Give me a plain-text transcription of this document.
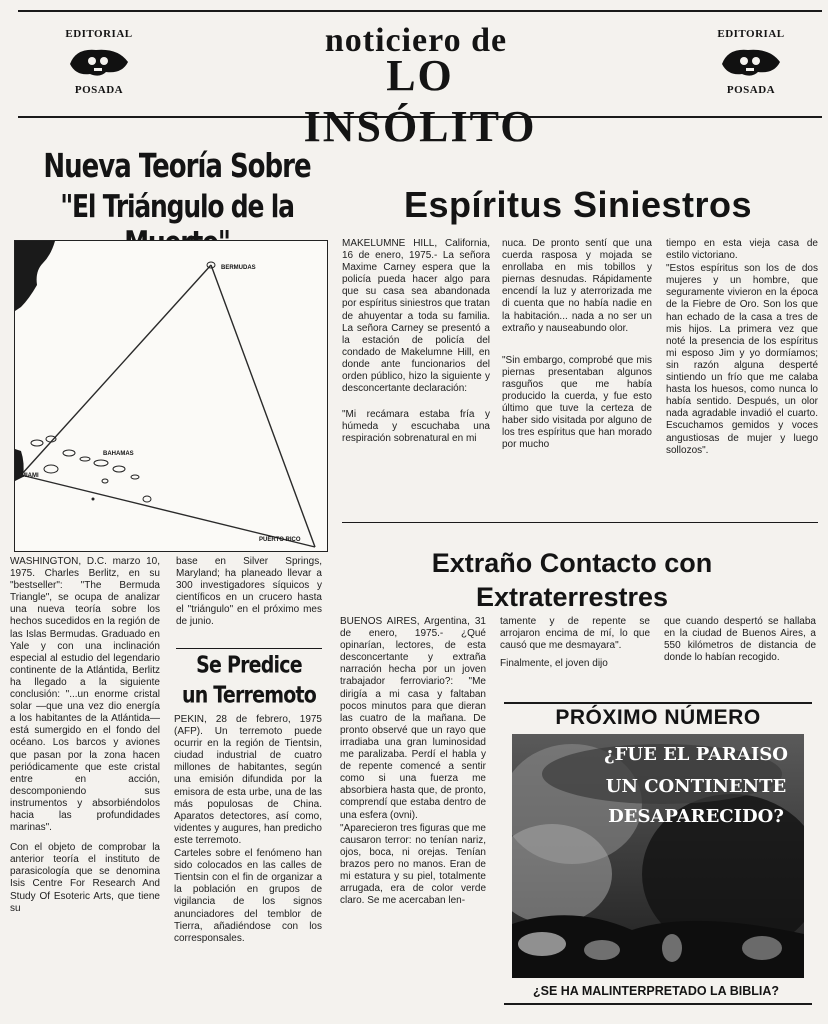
EDITORIAL
POSADA
EDITORIAL
POSADA
noticiero de
LO INSÓLITO
Nueva Teoría Sobre
"El Triángulo de la
BERMUDAS
BAHAMAS
MIAMI
PUERTO RICO

WASHINGTON, D.C. marzo 10, 1975. Charles Berlitz, en su "bestseller": "The Bermuda Triangle", se ocupa de analizar una nueva teoría sobre los hechos sucedidos en la región de las Islas Bermudas. Graduado en Yale y con una inclinación especial al estudio del legendario continente de la Atlántida, Berlitz ha llegado a la siguiente conclusión: "...un enorme cristal solar —que una vez dio energía a los habitantes de la Atlántida— está sumergido en el fondo del océano. Los barcos y aviones que pasan por la zona hacen periódicamente que este cristal entre en acción, descomponiendo sus instrumentos y absorbiéndolos hacia las profundidades marinas".

Con el objeto de comprobar la anterior teoría el instituto de parasicología que se denomina Isis Centre For Research And Study Of Esoteric Arts, que tiene su

base en Silver Springs, Maryland; ha planeado llevar a 300 investigadores síquicos y científicos en un crucero hasta el "triángulo" en el próximo mes de junio.

Se Predice
un Terremoto

PEKIN, 28 de febrero, 1975 (AFP). Un terremoto puede ocurrir en la región de Tientsin, ciudad industrial de cuatro millones de habitantes, según una emisión difundida por la emisora de esta urbe, una de las más populosas de China. Aparatos detectores, así como, videntes y augures, han predicho este terremoto.

Carteles sobre el fenómeno han sido colocados en las calles de Tientsin con el fin de organizar a la población en grupos de vigilancia de los signos anunciadores del temblor de Tierra, añadiéndose con los corresponsales.

Espíritus Siniestros

MAKELUMNE HILL, California, 16 de enero, 1975.- La señora Maxime Carney espera que la policía pueda hacer algo para que su casa sea abandonada por espíritus siniestros que tratan de ahuyentar a toda su familia. La señora Carney se presentó a la estación de policía del condado de Makelumne Hill, en donde ante funcionarios del orden público, hizo la siguiente y desconcertante declaración:

"Mi recámara estaba fría y húmeda y escuchaba una respiración sobrenatural en mi

nuca. De pronto sentí que una cuerda rasposa y mojada se enrollaba en mis tobillos y piernas desnudas. Rápidamente encendí la luz y aterrorizada me di cuenta que no había nadie en la habitación... nada a no ser un extraño y nauseabundo olor.

"Sin embargo, comprobé que mis piernas presentaban algunos rasguños que me había producido la cuerda, y fue esto último que tuve la certeza de haber sido visitada por alguno de los tres espíritus que han morado por mucho

tiempo en esta vieja casa de estilo victoriano.

"Estos espíritus son los de dos mujeres y un hombre, que seguramente vivieron en la época de la Fiebre de Oro. Son los que han echado de la casa a tres de mis hijos. La primera vez que noté la presencia de los espíritus mi esposo Jim y yo dormíamos; sin razón alguna desperté sintiendo un frío que me calaba hasta los huesos, como nunca lo había sentido. Después, un olor nada agradable invadió el cuarto. Escuchamos gemidos y voces angustiosas de mujer y luego sollozos".

Extraño Contacto con
Extraterrestres

BUENOS AIRES, Argentina, 31 de enero, 1975.- ¿Qué opinarían, lectores, de esta desconcertante y extraña narración hecha por un joven trabajador ferroviario?: "Me dirigía a mi casa y faltaban pocos minutos para que dieran las cuatro de la mañana. De pronto observé que un rayo que irradiaba una gran luminosidad me paralizaba. Perdí el habla y de repente comencé a sentir como si una fuerza me absorbiera hasta que, de pronto, comprendí que estaba dentro de una esfera (ovni).

"Aparecieron tres figuras que me causaron terror: no tenían nariz, ojos, boca, ni orejas. Tenían brazos pero no manos. Eran de mi estatura y su piel, totalmente arrugada, era de color verde claro. Se me acercaban len-

tamente y de repente se arrojaron encima de mí, lo que causó que me desmayara".

Finalmente, el joven dijo

que cuando despertó se hallaba en la ciudad de Buenos Aires, a 550 kilómetros de distancia de donde lo habían recogido.

PRÓXIMO NÚMERO
¿FUE EL PARAISO
UN CONTINENTE
DESAPARECIDO?
¿SE HA MALINTERPRETADO LA BIBLIA?
